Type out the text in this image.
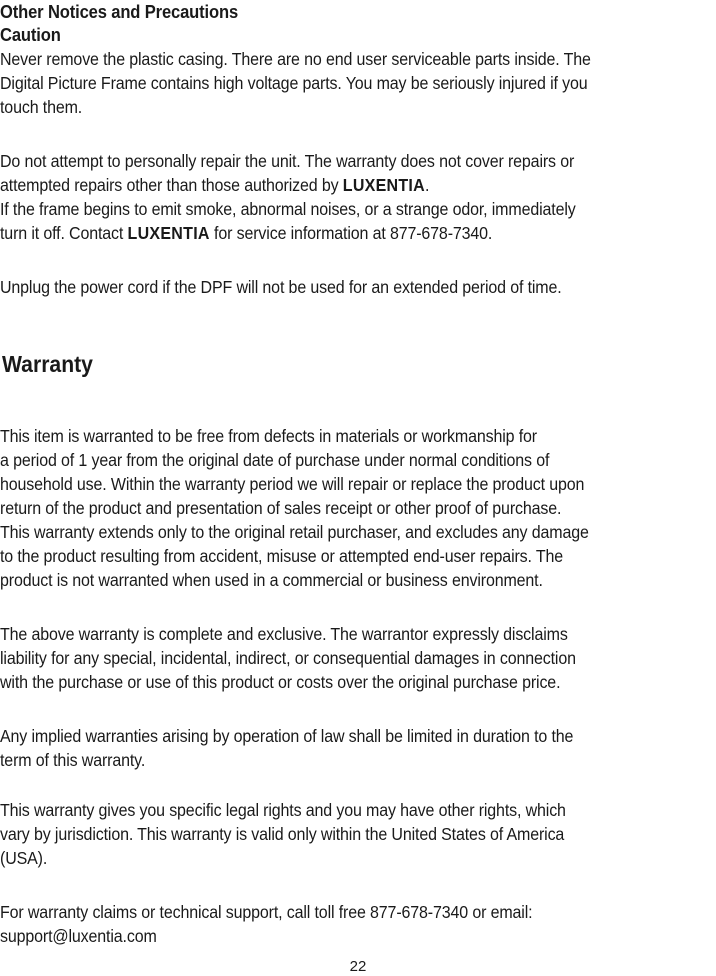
Other Notices and Precautions
Caution
Never remove the plastic casing. There are no end user serviceable parts inside. The
Digital Picture Frame contains high voltage parts. You may be seriously injured if you
touch them.
Do not attempt to personally repair the unit. The warranty does not cover repairs or
attempted repairs other than those authorized by LUXENTIA.
If the frame begins to emit smoke, abnormal noises, or a strange odor, immediately
turn it off. Contact LUXENTIA for service information at 877-678-7340.
Unplug the power cord if the DPF will not be used for an extended period of time.
Warranty
This item is warranted to be free from defects in materials or workmanship for
a period of 1 year from the original date of purchase under normal conditions of
household use. Within the warranty period we will repair or replace the product upon
return of the product and presentation of sales receipt or other proof of purchase.
This warranty extends only to the original retail purchaser, and excludes any damage
to the product resulting from accident, misuse or attempted end-user repairs. The
product is not warranted when used in a commercial or business environment.
The above warranty is complete and exclusive. The warrantor expressly disclaims
liability for any special, incidental, indirect, or consequential damages in connection
with the purchase or use of this product or costs over the original purchase price.
Any implied warranties arising by operation of law shall be limited in duration to the
term of this warranty.
This warranty gives you specific legal rights and you may have other rights, which
vary by jurisdiction. This warranty is valid only within the United States of America
(USA).
For warranty claims or technical support, call toll free 877-678-7340 or email:
support@luxentia.com
22
